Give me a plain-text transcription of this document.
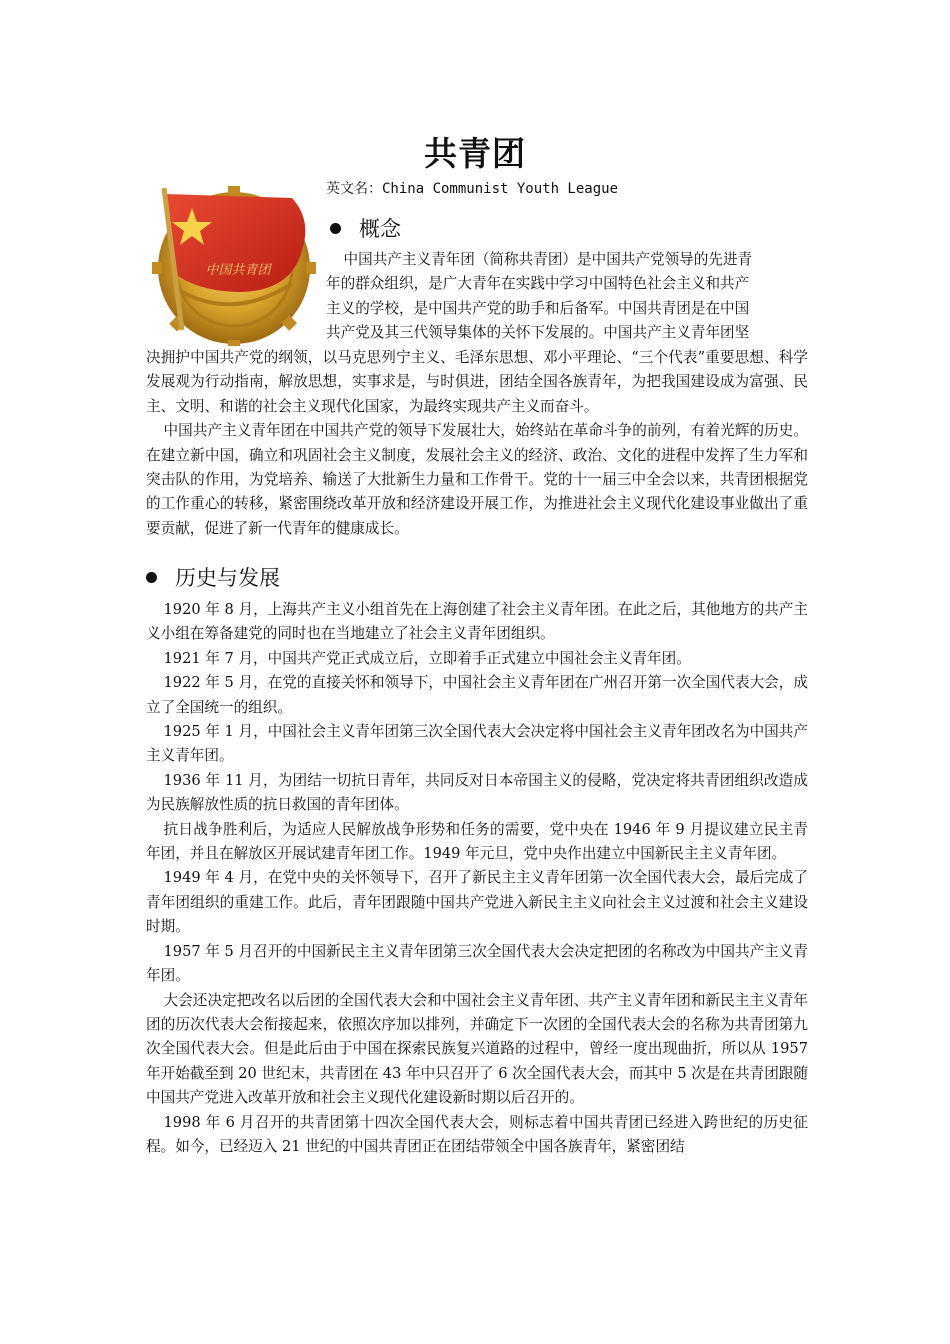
共青团
中国共青团
英文名：China Communist Youth League
概念

中国共产主义青年团（简称共青团）是中国共产党领导的先进青

年的群众组织，是广大青年在实践中学习中国特色社会主义和共产

主义的学校，是中国共产党的助手和后备军。中国共青团是在中国

共产党及其三代领导集体的关怀下发展的。中国共产主义青年团坚

决拥护中国共产党的纲领，以马克思列宁主义、毛泽东思想、邓小平理论、“三个代表”重要思想、科学发展观为行动指南，解放思想，实事求是，与时俱进，团结全国各族青年，为把我国建设成为富强、民主、文明、和谐的社会主义现代化国家，为最终实现共产主义而奋斗。

中国共产主义青年团在中国共产党的领导下发展壮大，始终站在革命斗争的前列，有着光辉的历史。在建立新中国，确立和巩固社会主义制度，发展社会主义的经济、政治、文化的进程中发挥了生力军和突击队的作用，为党培养、输送了大批新生力量和工作骨干。党的十一届三中全会以来，共青团根据党的工作重心的转移，紧密围绕改革开放和经济建设开展工作，为推进社会主义现代化建设事业做出了重要贡献，促进了新一代青年的健康成长。

历史与发展

1920 年 8 月，上海共产主义小组首先在上海创建了社会主义青年团。在此之后，其他地方的共产主义小组在筹备建党的同时也在当地建立了社会主义青年团组织。

1921 年 7 月，中国共产党正式成立后，立即着手正式建立中国社会主义青年团。

1922 年 5 月，在党的直接关怀和领导下，中国社会主义青年团在广州召开第一次全国代表大会，成立了全国统一的组织。

1925 年 1 月，中国社会主义青年团第三次全国代表大会决定将中国社会主义青年团改名为中国共产主义青年团。

1936 年 11 月，为团结一切抗日青年，共同反对日本帝国主义的侵略，党决定将共青团组织改造成为民族解放性质的抗日救国的青年团体。

抗日战争胜利后，为适应人民解放战争形势和任务的需要，党中央在 1946 年 9 月提议建立民主青年团，并且在解放区开展试建青年团工作。1949 年元旦，党中央作出建立中国新民主主义青年团。

1949 年 4 月，在党中央的关怀领导下，召开了新民主主义青年团第一次全国代表大会，最后完成了青年团组织的重建工作。此后，青年团跟随中国共产党进入新民主主义向社会主义过渡和社会主义建设时期。

1957 年 5 月召开的中国新民主主义青年团第三次全国代表大会决定把团的名称改为中国共产主义青年团。

大会还决定把改名以后团的全国代表大会和中国社会主义青年团、共产主义青年团和新民主主义青年团的历次代表大会衔接起来，依照次序加以排列，并确定下一次团的全国代表大会的名称为共青团第九次全国代表大会。但是此后由于中国在探索民族复兴道路的过程中，曾经一度出现曲折，所以从 1957 年开始截至到 20 世纪末，共青团在 43 年中只召开了 6 次全国代表大会，而其中 5 次是在共青团跟随中国共产党进入改革开放和社会主义现代化建设新时期以后召开的。

1998 年 6 月召开的共青团第十四次全国代表大会，则标志着中国共青团已经进入跨世纪的历史征程。如今，已经迈入 21 世纪的中国共青团正在团结带领全中国各族青年，紧密团结
